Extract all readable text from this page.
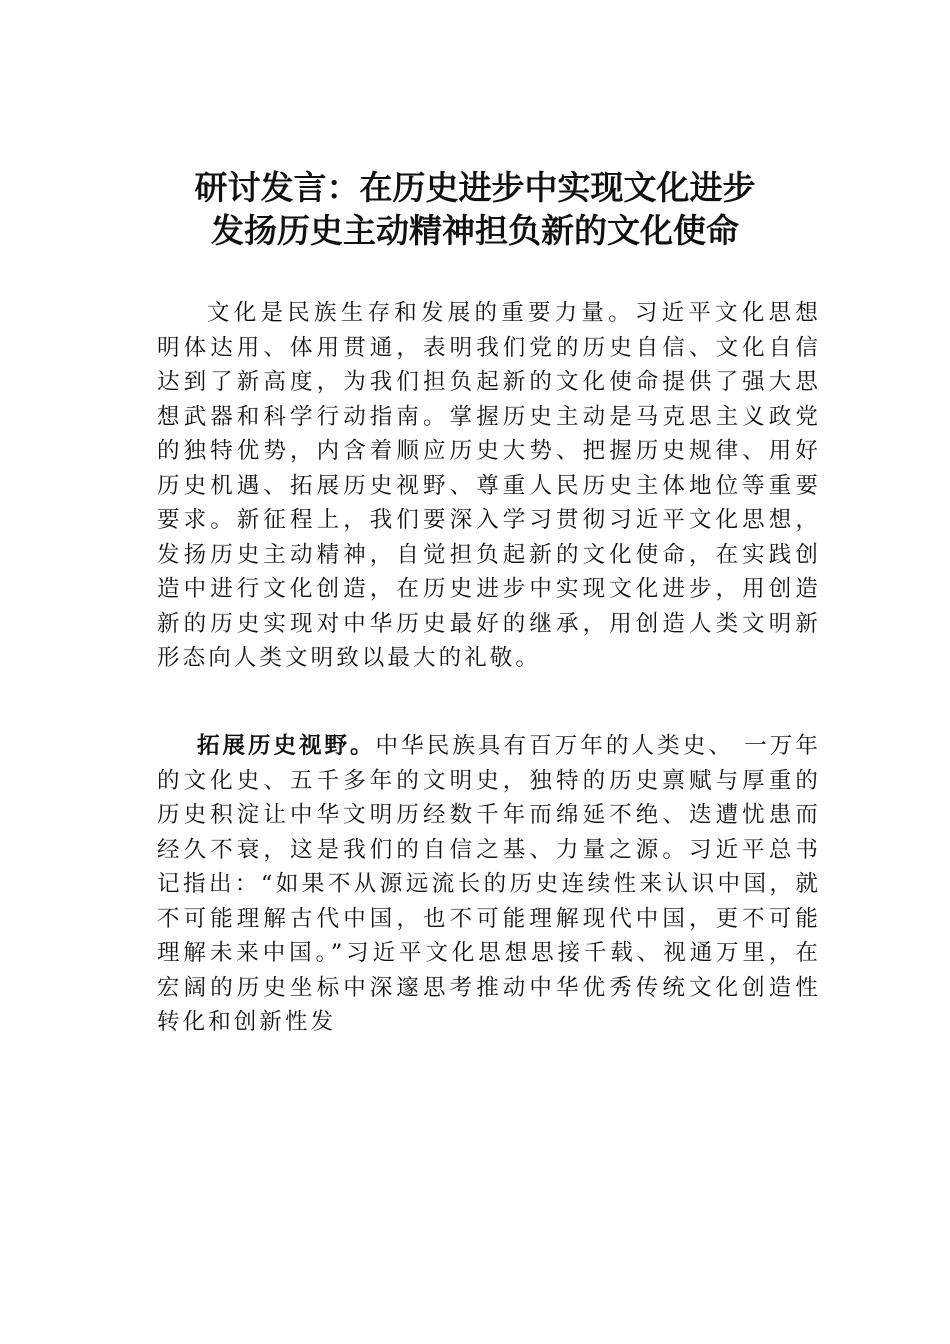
研讨发言：在历史进步中实现文化进步
发扬历史主动精神担负新的文化使命

文化是民族生存和发展的重要力量。习近平文化思想明体达用、体用贯通，表明我们党的历史自信、文化自信达到了新高度，为我们担负起新的文化使命提供了强大思想武器和科学行动指南。掌握历史主动是马克思主义政党的独特优势，内含着顺应历史大势、把握历史规律、用好历史机遇、拓展历史视野、尊重人民历史主体地位等重要要求。新征程上，我们要深入学习贯彻习近平文化思想，发扬历史主动精神，自觉担负起新的文化使命，在实践创造中进行文化创造，在历史进步中实现文化进步，用创造新的历史实现对中华历史最好的继承，用创造人类文明新形态向人类文明致以最大的礼敬。

拓展历史视野。中华民族具有百万年的人类史、 一万年的文化史、五千多年的文明史，独特的历史禀赋与厚重的历史积淀让中华文明历经数千年而绵延不绝、迭遭忧患而经久不衰，这是我们的自信之基、力量之源。习近平总书记指出：“如果不从源远流长的历史连续性来认识中国，就不可能理解古代中国，也不可能理解现代中国，更不可能理解未来中国。”习近平文化思想思接千载、视通万里，在宏阔的历史坐标中深邃思考推动中华优秀传统文化创造性转化和创新性发
